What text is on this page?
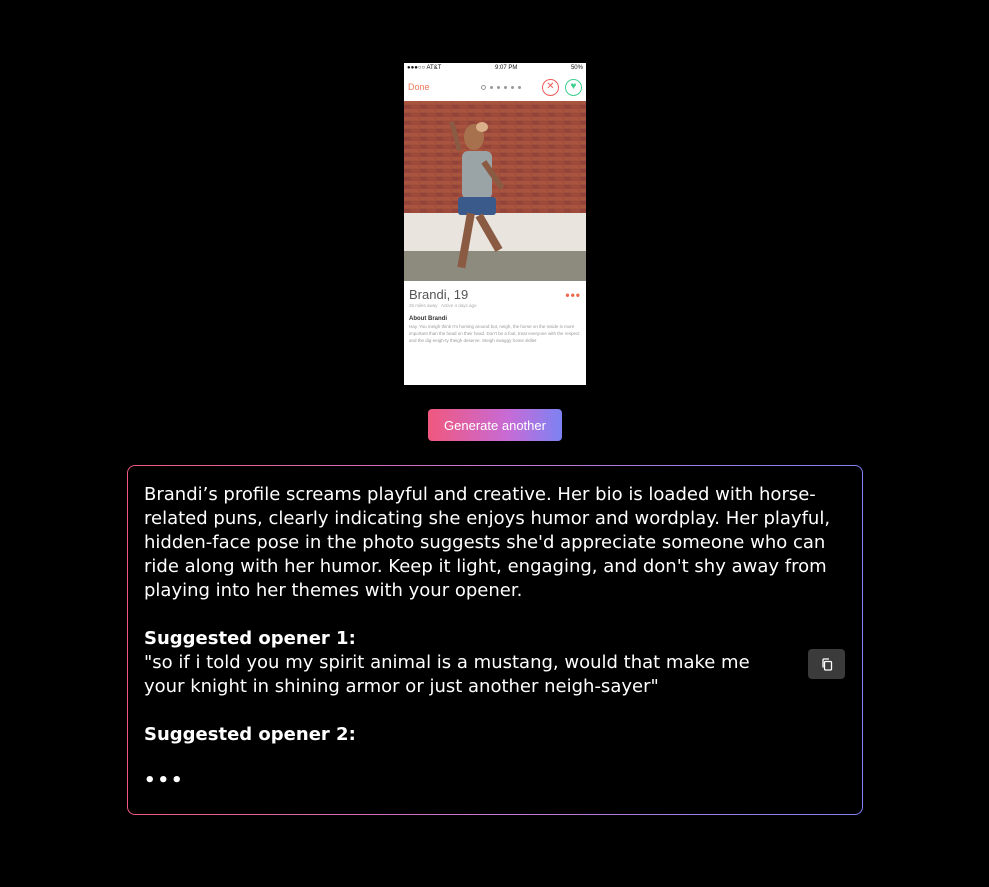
●●●○○ AT&T	9:07 PM	50%
Done	✕	♥
Brandi, 19	•••
25 miles away Active 4 days ago
About Brandi
Hay. You meigh think I'm horsing around but, neigh, the horse on the inside is more important than the head on their head. Don't be a foal, treat everyone with the respect and the dig-neigh-ty theigh deserve. Steigh swaggy home skillet
Generate another

Brandi’s profile screams playful and creative. Her bio is loaded with horse-related puns, clearly indicating she enjoys humor and wordplay. Her playful, hidden-face pose in the photo suggests she'd appreciate someone who can ride along with her humor. Keep it light, engaging, and don't shy away from playing into her themes with your opener.

Suggested opener 1:

"so if i told you my spirit animal is a mustang, would that make me your knight in shining armor or just another neigh-sayer"

Suggested opener 2:
•••
